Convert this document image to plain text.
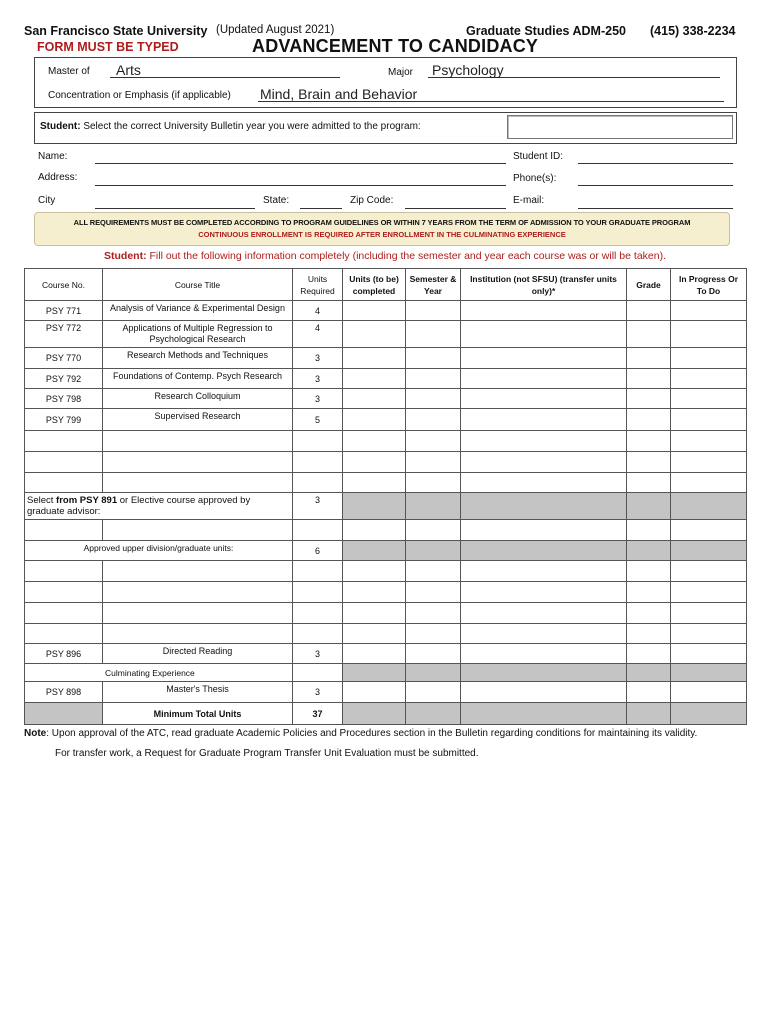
San Francisco State University (Updated August 2021)	Graduate Studies ADM-250 (415) 338-2234
FORM MUST BE TYPED	ADVANCEMENT TO CANDIDACY
Master of	Arts	Major Psychology
Concentration or Emphasis (if applicable) Mind, Brain and Behavior
Student: Select the correct University Bulletin year you were admitted to the program:
Name:	Student ID:
Address:	Phone(s):
City	State:	Zip Code:	E-mail:
ALL REQUIREMENTS MUST BE COMPLETED ACCORDING TO PROGRAM GUIDELINES OR WITHIN 7 YEARS FROM THE TERM OF ADMISSION TO YOUR GRADUATE PROGRAM
CONTINUOUS ENROLLMENT IS REQUIRED AFTER ENROLLMENT IN THE CULMINATING EXPERIENCE
Student: Fill out the following information completely (including the semester and year each course was or will be taken).
Course No.	Course Title	Units Required	Units (to be) completed	Semester & Year	Institution (not SFSU) (transfer units only)*	Grade	In Progress Or To Do
PSY 771	Analysis of Variance & Experimental Design	4					
PSY 772	Applications of Multiple Regression to Psychological Research	4					
PSY 770	Research Methods and Techniques	3					
PSY 792	Foundations of Contemp. Psych Research	3					
PSY 798	Research Colloquium	3					
PSY 799	Supervised Research	5					

Select from PSY 891 or Elective course approved by graduate advisor:		3					

Approved upper division/graduate units:		6					

PSY 896	Directed Reading	3					
Culminating Experience							
PSY 898	Master's Thesis	3					
	Minimum Total Units	37					
Note: Upon approval of the ATC, read graduate Academic Policies and Procedures section in the Bulletin regarding conditions for maintaining its validity.
For transfer work, a Request for Graduate Program Transfer Unit Evaluation must be submitted.
